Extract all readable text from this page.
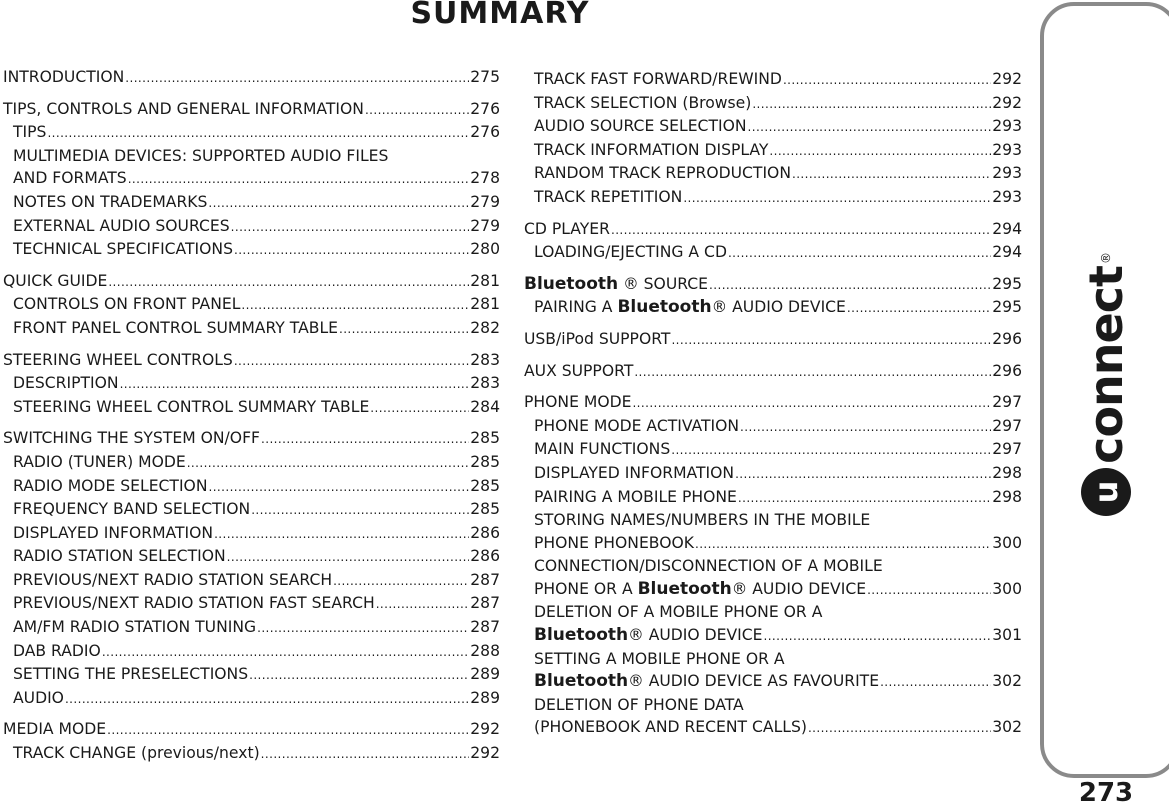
SUMMARY
INTRODUCTION .....	275
TIPS, CONTROLS AND GENERAL INFORMATION .....	276
TIPS .....	276
MULTIMEDIA DEVICES: SUPPORTED AUDIO FILES
AND FORMATS .....	278
NOTES ON TRADEMARKS .....	279
EXTERNAL AUDIO SOURCES .....	279
TECHNICAL SPECIFICATIONS .....	280
QUICK GUIDE .....	281
CONTROLS ON FRONT PANEL .....	281
FRONT PANEL CONTROL SUMMARY TABLE .....	282
STEERING WHEEL CONTROLS .....	283
DESCRIPTION .....	283
STEERING WHEEL CONTROL SUMMARY TABLE .....	284
SWITCHING THE SYSTEM ON/OFF .....	285
RADIO (TUNER) MODE .....	285
RADIO MODE SELECTION .....	285
FREQUENCY BAND SELECTION .....	285
DISPLAYED INFORMATION .....	286
RADIO STATION SELECTION .....	286
PREVIOUS/NEXT RADIO STATION SEARCH .....	287
PREVIOUS/NEXT RADIO STATION FAST SEARCH .....	287
AM/FM RADIO STATION TUNING .....	287
DAB RADIO .....	288
SETTING THE PRESELECTIONS .....	289
AUDIO .....	289
MEDIA MODE .....	292
TRACK CHANGE (previous/next) .....	292
TRACK FAST FORWARD/REWIND .....	292
TRACK SELECTION (Browse) .....	292
AUDIO SOURCE SELECTION .....	293
TRACK INFORMATION DISPLAY .....	293
RANDOM TRACK REPRODUCTION .....	293
TRACK REPETITION .....	293
CD PLAYER .....	294
LOADING/EJECTING A CD .....	294
Bluetooth ® SOURCE .....	295
PAIRING A Bluetooth® AUDIO DEVICE .....	295
USB/iPod SUPPORT .....	296
AUX SUPPORT .....	296
PHONE MODE .....	297
PHONE MODE ACTIVATION .....	297
MAIN FUNCTIONS .....	297
DISPLAYED INFORMATION .....	298
PAIRING A MOBILE PHONE .....	298
STORING NAMES/NUMBERS IN THE MOBILE
PHONE PHONEBOOK .....	300
CONNECTION/DISCONNECTION OF A MOBILE
PHONE OR A Bluetooth® AUDIO DEVICE .....	300
DELETION OF A MOBILE PHONE OR A
Bluetooth® AUDIO DEVICE .....	301
SETTING A MOBILE PHONE OR A
Bluetooth® AUDIO DEVICE AS FAVOURITE .....	302
DELETION OF PHONE DATA
(PHONEBOOK AND RECENT CALLS) .....	302
u
connect
®
273
